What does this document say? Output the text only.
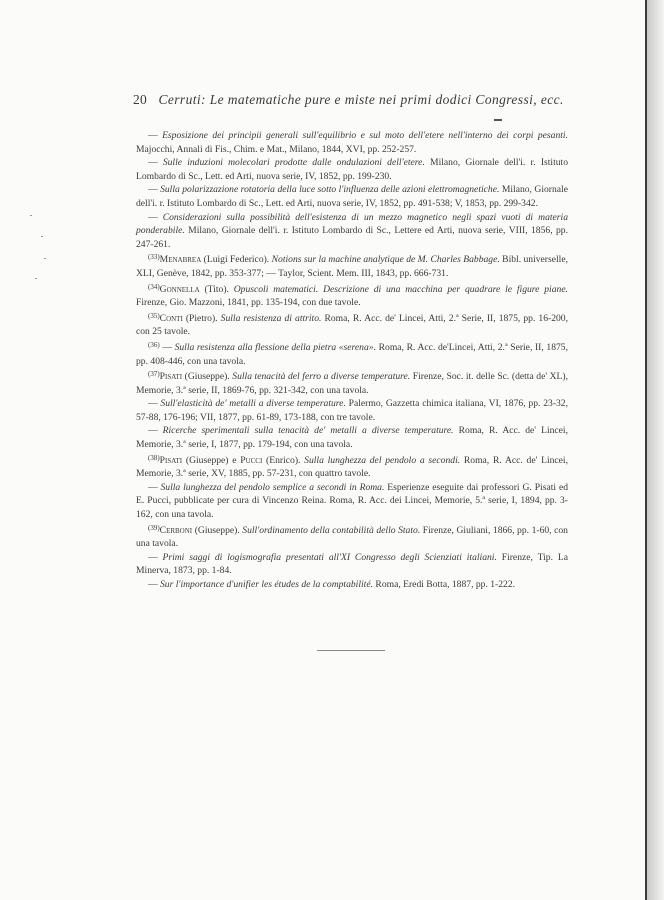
20 Cerruti: Le matematiche pure e miste nei primi dodici Congressi, ecc.

— Esposizione dei principii generali sull'equilibrio e sul moto dell'etere nell'interno dei corpi pesanti. Majocchi, Annali di Fis., Chim. e Mat., Milano, 1844, XVI, pp. 252-257.

— Sulle induzioni molecolari prodotte dalle ondulazioni dell'etere. Milano, Giornale dell'i. r. Istituto Lombardo di Sc., Lett. ed Arti, nuova serie, IV, 1852, pp. 199-230.

— Sulla polarizzazione rotatoria della luce sotto l'influenza delle azioni elettromagnetiche. Milano, Giornale dell'i. r. Istituto Lombardo di Sc., Lett. ed Arti, nuova serie, IV, 1852, pp. 491-538; V, 1853, pp. 299-342.

— Considerazioni sulla possibilità dell'esistenza di un mezzo magnetico negli spazi vuoti di materia ponderabile. Milano, Giornale dell'i. r. Istituto Lombardo di Sc., Lettere ed Arti, nuova serie, VIII, 1856, pp. 247-261.

$^{(33)}$Menabrea (Luigi Federico). Notions sur la machine analytique de M. Charles Babbage. Bibl. universelle, XLI, Genève, 1842, pp. 353-377; — Taylor, Scient. Mem. III, 1843, pp. 666-731.

$^{(34)}$Gonnella (Tito). Opuscoli matematici. Descrizione di una macchina per quadrare le figure piane. Firenze, Gio. Mazzoni, 1841, pp. 135-194, con due tavole.

$^{(35)}$Conti (Pietro). Sulla resistenza di attrito. Roma, R. Acc. de' Lincei, Atti, 2.ª Serie, II, 1875, pp. 16-200, con 25 tavole.

$^{(36)}$ — Sulla resistenza alla flessione della pietra «serena». Roma, R. Acc. de'Lincei, Atti, 2.ª Serie, II, 1875, pp. 408-446, con una tavola.

$^{(37)}$Pisati (Giuseppe). Sulla tenacità del ferro a diverse temperature. Firenze, Soc. it. delle Sc. (detta de' XL), Memorie, 3.ª serie, II, 1869-76, pp. 321-342, con una tavola.

— Sull'elasticità de' metalli a diverse temperature. Palermo, Gazzetta chimica italiana, VI, 1876, pp. 23-32, 57-88, 176-196; VII, 1877, pp. 61-89, 173-188, con tre tavole.

— Ricerche sperimentali sulla tenacità de' metalli a diverse temperature. Roma, R. Acc. de' Lincei, Memorie, 3.ª serie, I, 1877, pp. 179-194, con una tavola.

$^{(38)}$Pisati (Giuseppe) e Pucci (Enrico). Sulla lunghezza del pendolo a secondi. Roma, R. Acc. de' Lincei, Memorie, 3.ª serie, XV, 1885, pp. 57-231, con quattro tavole.

— Sulla lunghezza del pendolo semplice a secondi in Roma. Esperienze eseguite dai professori G. Pisati ed E. Pucci, pubblicate per cura di Vincenzo Reina. Roma, R. Acc. dei Lincei, Memorie, 5.ª serie, I, 1894, pp. 3-162, con una tavola.

$^{(39)}$Cerboni (Giuseppe). Sull'ordinamento della contabilità dello Stato. Firenze, Giuliani, 1866, pp. 1-60, con una tavola.

— Primi saggi di logismografia presentati all'XI Congresso degli Scienziati italiani. Firenze, Tip. La Minerva, 1873, pp. 1-84.

— Sur l'importance d'unifier les études de la comptabilité. Roma, Eredi Botta, 1887, pp. 1-222.
